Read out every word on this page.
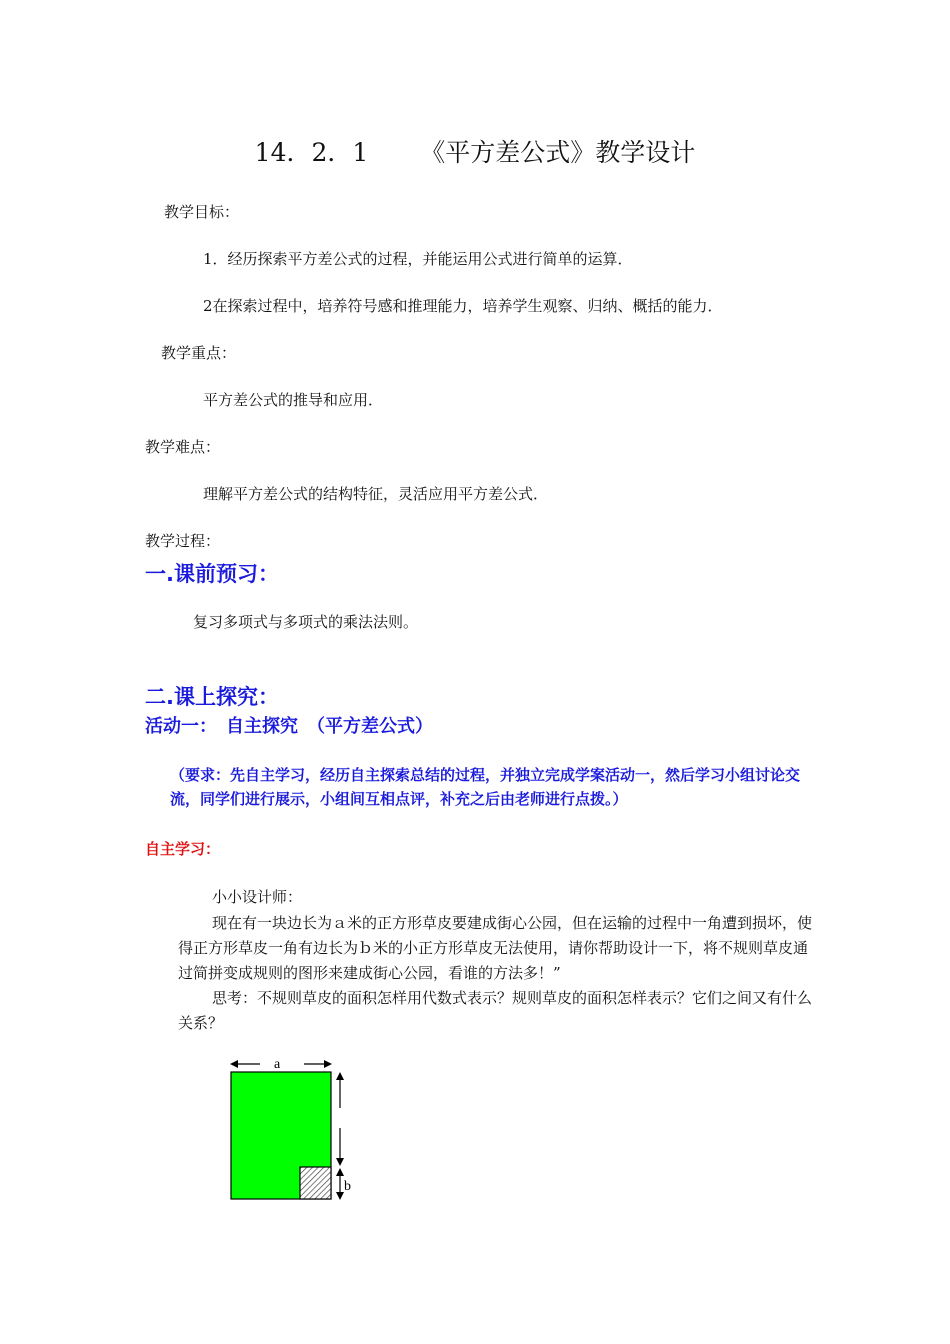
14．2．1 《平方差公式》教学设计
教学目标：
1．经历探索平方差公式的过程，并能运用公式进行简单的运算．
2在探索过程中，培养符号感和推理能力，培养学生观察、归纳、概括的能力．
教学重点：
平方差公式的推导和应用．
教学难点：
理解平方差公式的结构特征，灵活应用平方差公式．
教学过程：
一.课前预习：
复习多项式与多项式的乘法法则。
二.课上探究：
活动一：　自主探究　（平方差公式）
（要求：先自主学习，经历自主探索总结的过程，并独立完成学案活动一，然后学习小组讨论交流，同学们进行展示，小组间互相点评，补充之后由老师进行点拨。）
自主学习：
小小设计师：
现在有一块边长为ａ米的正方形草皮要建成街心公园，但在运输的过程中一角遭到损坏，使得正方形草皮一角有边长为ｂ米的小正方形草皮无法使用，请你帮助设计一下，将不规则草皮通过简拼变成规则的图形来建成街心公园，看谁的方法多！”
思考：不规则草皮的面积怎样用代数式表示？规则草皮的面积怎样表示？它们之间又有什么关系？
a
b
